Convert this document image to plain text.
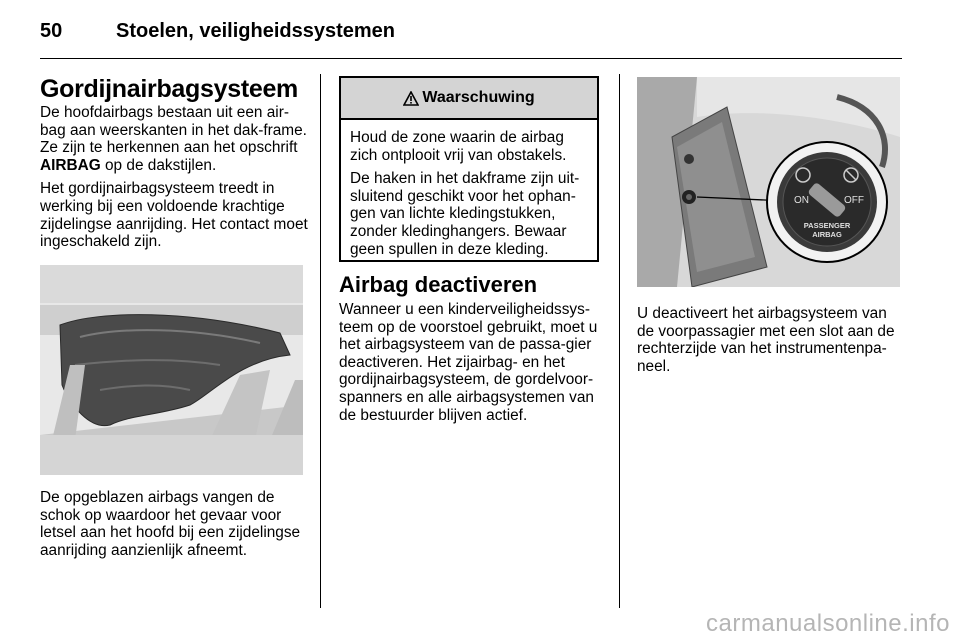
50	Stoelen, veiligheidssystemen
Gordijnairbagsysteem

De hoofdairbags bestaan uit een air-bag aan weerskanten in het dak-frame. Ze zijn te herkennen aan het opschrift AIRBAG op de dakstijlen.

Het gordijnairbagsysteem treedt in werking bij een voldoende krachtige zijdelingse aanrijding. Het contact moet ingeschakeld zijn.

De opgeblazen airbags vangen de schok op waardoor het gevaar voor letsel aan het hoofd bij een zijdelingse aanrijding aanzienlijk afneemt.

Waarschuwing

Houd de zone waarin de airbag zich ontplooit vrij van obstakels.

De haken in het dakframe zijn uit-sluitend geschikt voor het ophan-gen van lichte kledingstukken, zonder kledinghangers. Bewaar geen spullen in deze kleding.

Airbag deactiveren

Wanneer u een kinderveiligheidssys-teem op de voorstoel gebruikt, moet u het airbagsysteem van de passa-gier deactiveren. Het zijairbag- en het gordijnairbagsysteem, de gordelvoor-spanners en alle airbagsystemen van de bestuurder blijven actief.

ON	OFF
PASSENGER
AIRBAG

U deactiveert het airbagsysteem van de voorpassagier met een slot aan de rechterzijde van het instrumentenpa-neel.

carmanualsonline.info
